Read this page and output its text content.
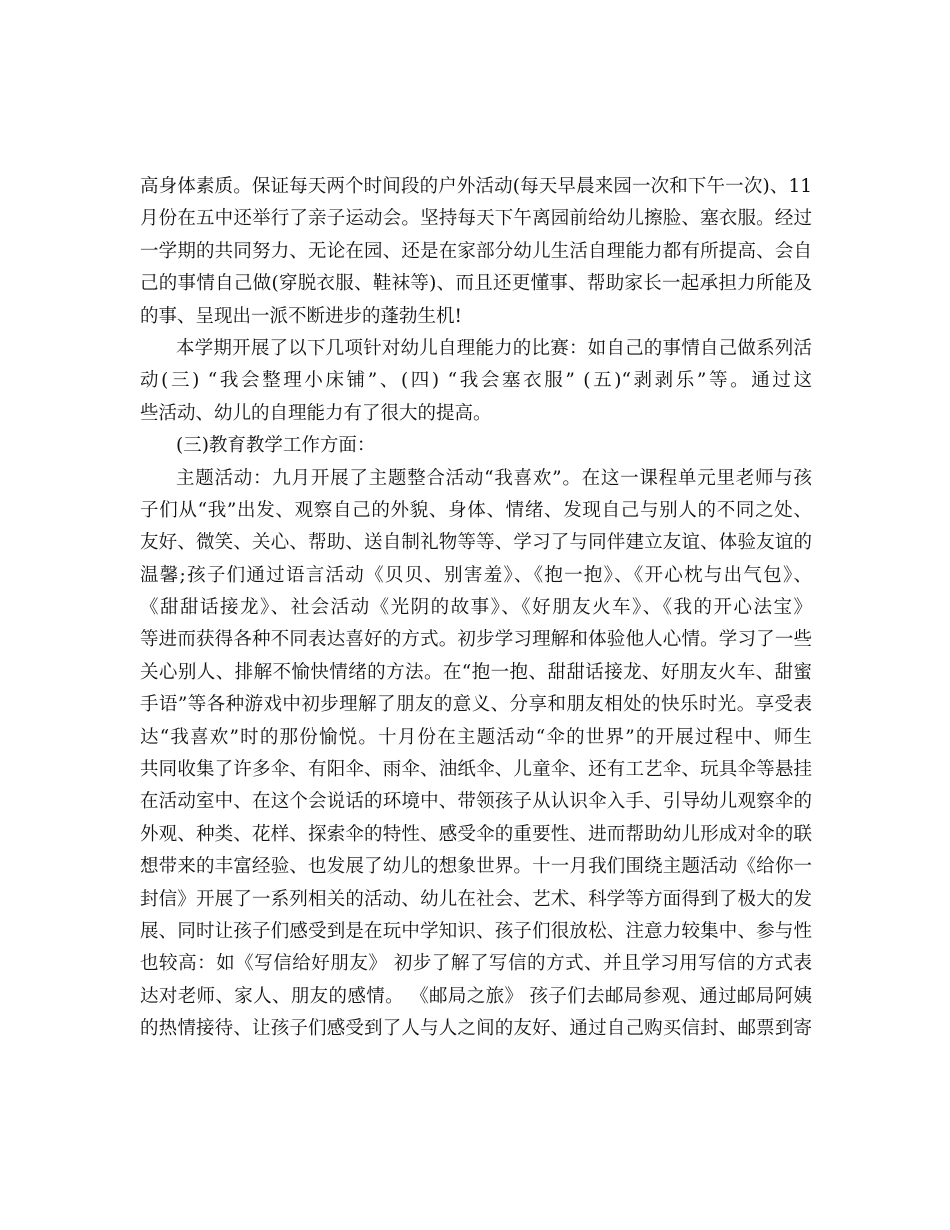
高身体素质。保证每天两个时间段的户外活动(每天早晨来园一次和下午一次)、11
月份在五中还举行了亲子运动会。坚持每天下午离园前给幼儿擦脸、塞衣服。经过
一学期的共同努力、无论在园、还是在家部分幼儿生活自理能力都有所提高、会自
己的事情自己做(穿脱衣服、鞋袜等)、而且还更懂事、帮助家长一起承担力所能及
的事、呈现出一派不断进步的蓬勃生机!
本学期开展了以下几项针对幼儿自理能力的比赛：如自己的事情自己做系列活
动(三) “我会整理小床铺”、(四) “我会塞衣服” (五)“剥剥乐”等。通过这
些活动、幼儿的自理能力有了很大的提高。
(三)教育教学工作方面：
主题活动：九月开展了主题整合活动“我喜欢”。在这一课程单元里老师与孩
子们从“我”出发、观察自己的外貌、身体、情绪、发现自己与别人的不同之处、
友好、微笑、关心、帮助、送自制礼物等等、学习了与同伴建立友谊、体验友谊的
温馨;孩子们通过语言活动《贝贝、别害羞》、《抱一抱》、《开心枕与出气包》、
《甜甜话接龙》、社会活动《光阴的故事》、《好朋友火车》、《我的开心法宝》
等进而获得各种不同表达喜好的方式。初步学习理解和体验他人心情。学习了一些
关心别人、排解不愉快情绪的方法。在“抱一抱、甜甜话接龙、好朋友火车、甜蜜
手语”等各种游戏中初步理解了朋友的意义、分享和朋友相处的快乐时光。享受表
达“我喜欢”时的那份愉悦。十月份在主题活动“伞的世界”的开展过程中、师生
共同收集了许多伞、有阳伞、雨伞、油纸伞、儿童伞、还有工艺伞、玩具伞等悬挂
在活动室中、在这个会说话的环境中、带领孩子从认识伞入手、引导幼儿观察伞的
外观、种类、花样、探索伞的特性、感受伞的重要性、进而帮助幼儿形成对伞的联
想带来的丰富经验、也发展了幼儿的想象世界。十一月我们围绕主题活动《给你一
封信》开展了一系列相关的活动、幼儿在社会、艺术、科学等方面得到了极大的发
展、同时让孩子们感受到是在玩中学知识、孩子们很放松、注意力较集中、参与性
也较高：如《写信给好朋友》 初步了解了写信的方式、并且学习用写信的方式表
达对老师、家人、朋友的感情。 《邮局之旅》 孩子们去邮局参观、通过邮局阿姨
的热情接待、让孩子们感受到了人与人之间的友好、通过自己购买信封、邮票到寄
